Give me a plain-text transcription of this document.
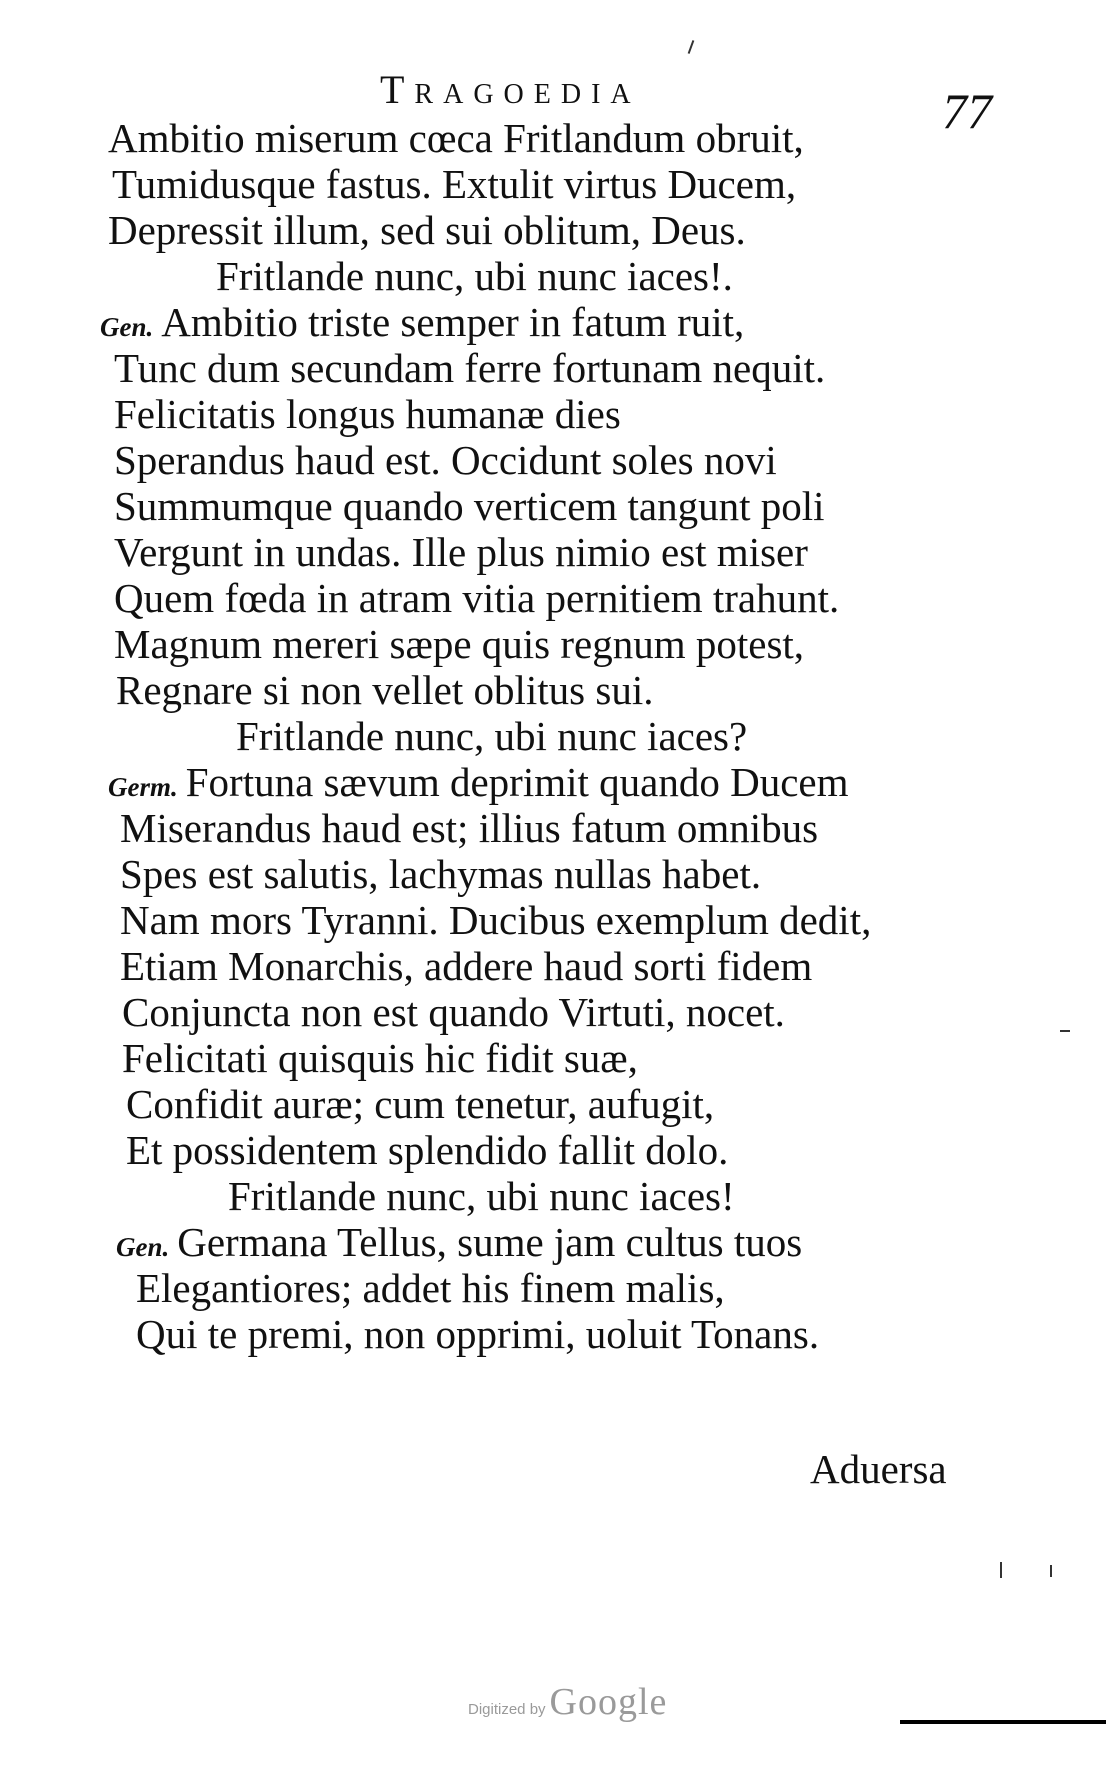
Tragoedia	77
Ambitio miserum cœca Fritlandum obruit,
Tumidusque fastus. Extulit virtus Ducem,
Depressit illum, sed sui oblitum, Deus.
Fritlande nunc, ubi nunc iaces!.
Gen. Ambitio triste semper in fatum ruit,
Tunc dum secundam ferre fortunam nequit.
Felicitatis longus humanæ dies
Sperandus haud est. Occidunt soles novi
Summumque quando verticem tangunt poli
Vergunt in undas. Ille plus nimio est miser
Quem fœda in atram vitia pernitiem trahunt.
Magnum mereri sæpe quis regnum potest,
Regnare si non vellet oblitus sui.
Fritlande nunc, ubi nunc iaces?
Germ. Fortuna sævum deprimit quando Ducem
Miserandus haud est; illius fatum omnibus
Spes est salutis, lachymas nullas habet.
Nam mors Tyranni. Ducibus exemplum dedit,
Etiam Monarchis, addere haud sorti fidem
Conjuncta non est quando Virtuti, nocet.
Felicitati quisquis hic fidit suæ,
Confidit auræ; cum tenetur, aufugit,
Et possidentem splendido fallit dolo.
Fritlande nunc, ubi nunc iaces!
Gen. Germana Tellus, sume jam cultus tuos
Elegantiores; addet his finem malis,
Qui te premi, non opprimi, uoluit Tonans.
Aduersa
Digitized by Google
